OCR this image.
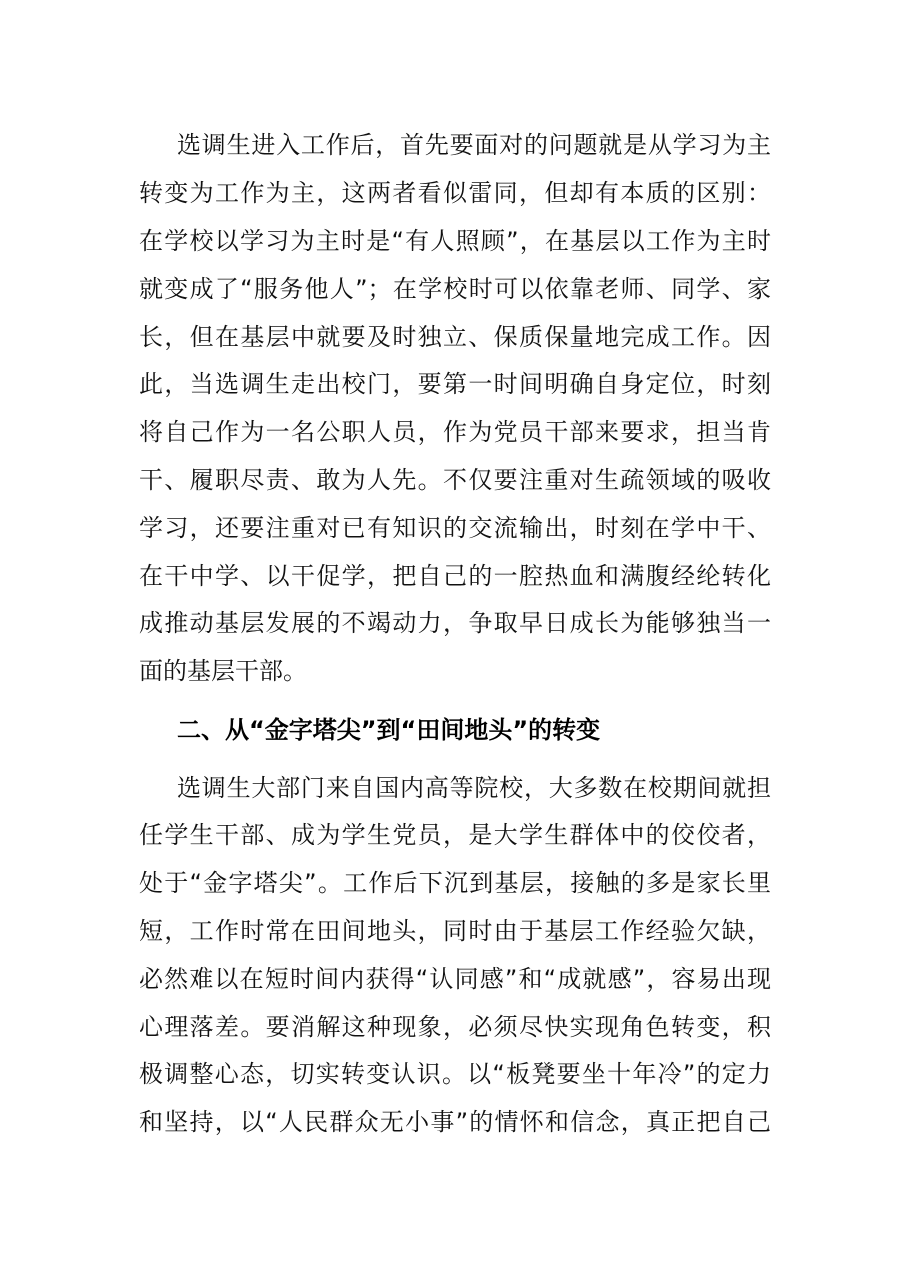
选调生进入工作后，首先要面对的问题就是从学习为主
转变为工作为主，这两者看似雷同，但却有本质的区别：
在学校以学习为主时是“有人照顾”，在基层以工作为主时
就变成了“服务他人”；在学校时可以依靠老师、同学、家
长，但在基层中就要及时独立、保质保量地完成工作。因
此，当选调生走出校门，要第一时间明确自身定位，时刻
将自己作为一名公职人员，作为党员干部来要求，担当肯
干、履职尽责、敢为人先。不仅要注重对生疏领域的吸收
学习，还要注重对已有知识的交流输出，时刻在学中干、
在干中学、以干促学，把自己的一腔热血和满腹经纶转化
成推动基层发展的不竭动力，争取早日成长为能够独当一
面的基层干部。
二、从“金字塔尖”到“田间地头”的转变
选调生大部门来自国内高等院校，大多数在校期间就担
任学生干部、成为学生党员，是大学生群体中的佼佼者，
处于“金字塔尖”。工作后下沉到基层，接触的多是家长里
短，工作时常在田间地头，同时由于基层工作经验欠缺，
必然难以在短时间内获得“认同感”和“成就感”，容易出现
心理落差。要消解这种现象，必须尽快实现角色转变，积
极调整心态，切实转变认识。以“板凳要坐十年冷”的定力
和坚持，以“人民群众无小事”的情怀和信念，真正把自己
